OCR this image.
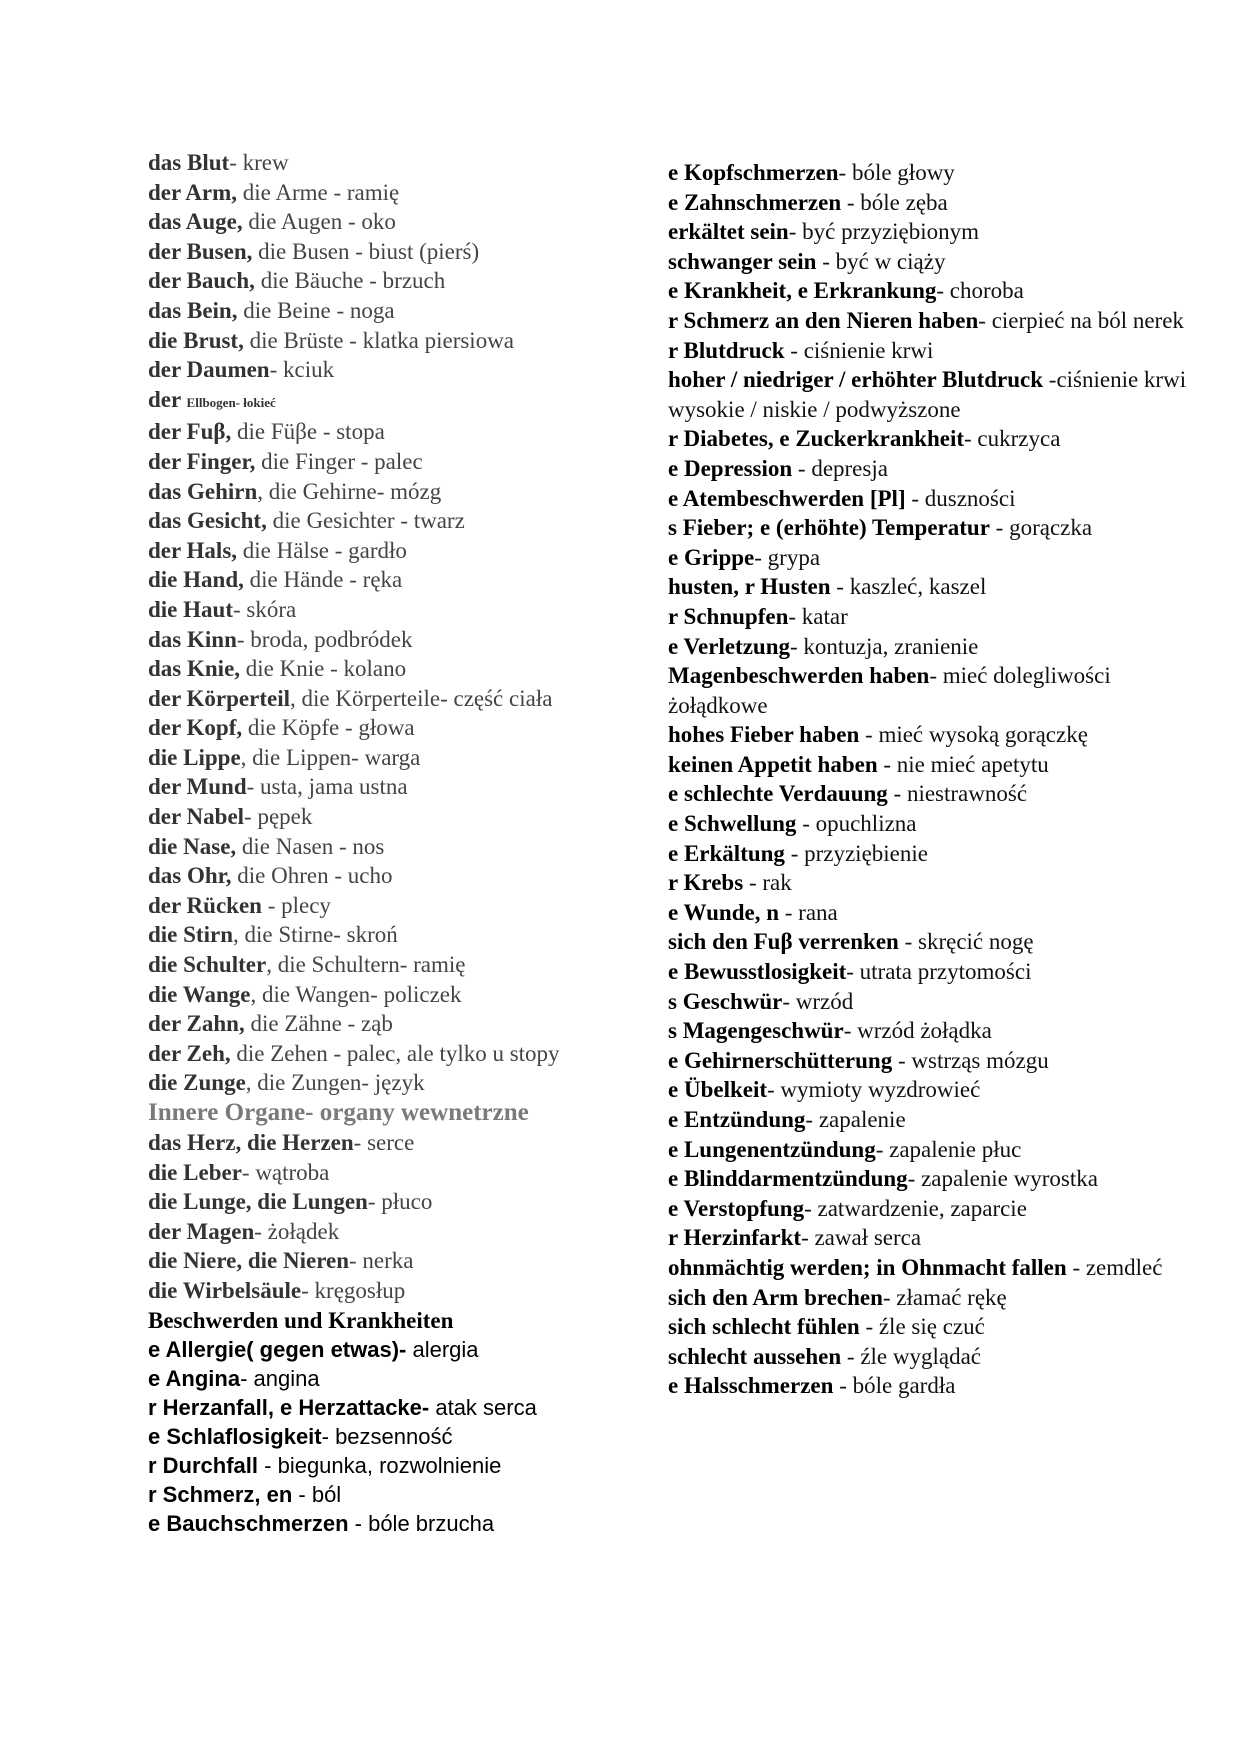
das Blut- krew
der Arm, die Arme - ramię
das Auge, die Augen - oko
der Busen, die Busen - biust (pierś)
der Bauch, die Bäuche - brzuch
das Bein, die Beine - noga
die Brust, die Brüste - klatka piersiowa
der Daumen- kciuk
der Ellbogen- łokieć
der Fuβ, die Füβe - stopa
der Finger, die Finger - palec
das Gehirn, die Gehirne- mózg
das Gesicht, die Gesichter - twarz
der Hals, die Hälse - gardło
die Hand, die Hände - ręka
die Haut- skóra
das Kinn- broda, podbródek
das Knie, die Knie - kolano
der Körperteil, die Körperteile- część ciała
der Kopf, die Köpfe - głowa
die Lippe, die Lippen- warga
der Mund- usta, jama ustna
der Nabel- pępek
die Nase, die Nasen - nos
das Ohr, die Ohren - ucho
der Rücken - plecy
die Stirn, die Stirne- skroń
die Schulter, die Schultern- ramię
die Wange, die Wangen- policzek
der Zahn, die Zähne - ząb
der Zeh, die Zehen - palec, ale tylko u stopy
die Zunge, die Zungen- język
Innere Organe- organy wewnetrzne
das Herz, die Herzen- serce
die Leber- wątroba
die Lunge, die Lungen- płuco
der Magen- żołądek
die Niere, die Nieren- nerka
die Wirbelsäule- kręgosłup
Beschwerden und Krankheiten
e Allergie( gegen etwas)- alergia
e Angina- angina
r Herzanfall, e Herzattacke- atak serca
e Schlaflosigkeit- bezsenność
r Durchfall - biegunka, rozwolnienie
r Schmerz, en - ból
e Bauchschmerzen - bóle brzucha
e Kopfschmerzen- bóle głowy
e Zahnschmerzen - bóle zęba
erkältet sein- być przyziębionym
schwanger sein - być w ciąży
e Krankheit, e Erkrankung- choroba
r Schmerz an den Nieren haben- cierpieć na ból nerek
r Blutdruck - ciśnienie krwi
hoher / niedriger / erhöhter Blutdruck -ciśnienie krwi wysokie / niskie / podwyższone
r Diabetes, e Zuckerkrankheit- cukrzyca
e Depression - depresja
e Atembeschwerden [Pl] - duszności
s Fieber; e (erhöhte) Temperatur - gorączka
e Grippe- grypa
husten, r Husten - kaszleć, kaszel
r Schnupfen- katar
e Verletzung- kontuzja, zranienie
Magenbeschwerden haben- mieć dolegliwości żołądkowe
hohes Fieber haben - mieć wysoką gorączkę
keinen Appetit haben - nie mieć apetytu
e schlechte Verdauung - niestrawność
e Schwellung - opuchlizna
e Erkältung - przyziębienie
r Krebs - rak
e Wunde, n - rana
sich den Fuβ verrenken - skręcić nogę
e Bewusstlosigkeit- utrata przytomości
s Geschwür- wrzód
s Magengeschwür- wrzód żołądka
e Gehirnerschütterung - wstrząs mózgu
e Übelkeit- wymioty wyzdrowieć
e Entzündung- zapalenie
e Lungenentzündung- zapalenie płuc
e Blinddarmentzündung- zapalenie wyrostka
e Verstopfung- zatwardzenie, zaparcie
r Herzinfarkt- zawał serca
ohnmächtig werden; in Ohnmacht fallen - zemdleć
sich den Arm brechen- złamać rękę
sich schlecht fühlen - źle się czuć
schlecht aussehen - źle wyglądać
e Halsschmerzen - bóle gardła
